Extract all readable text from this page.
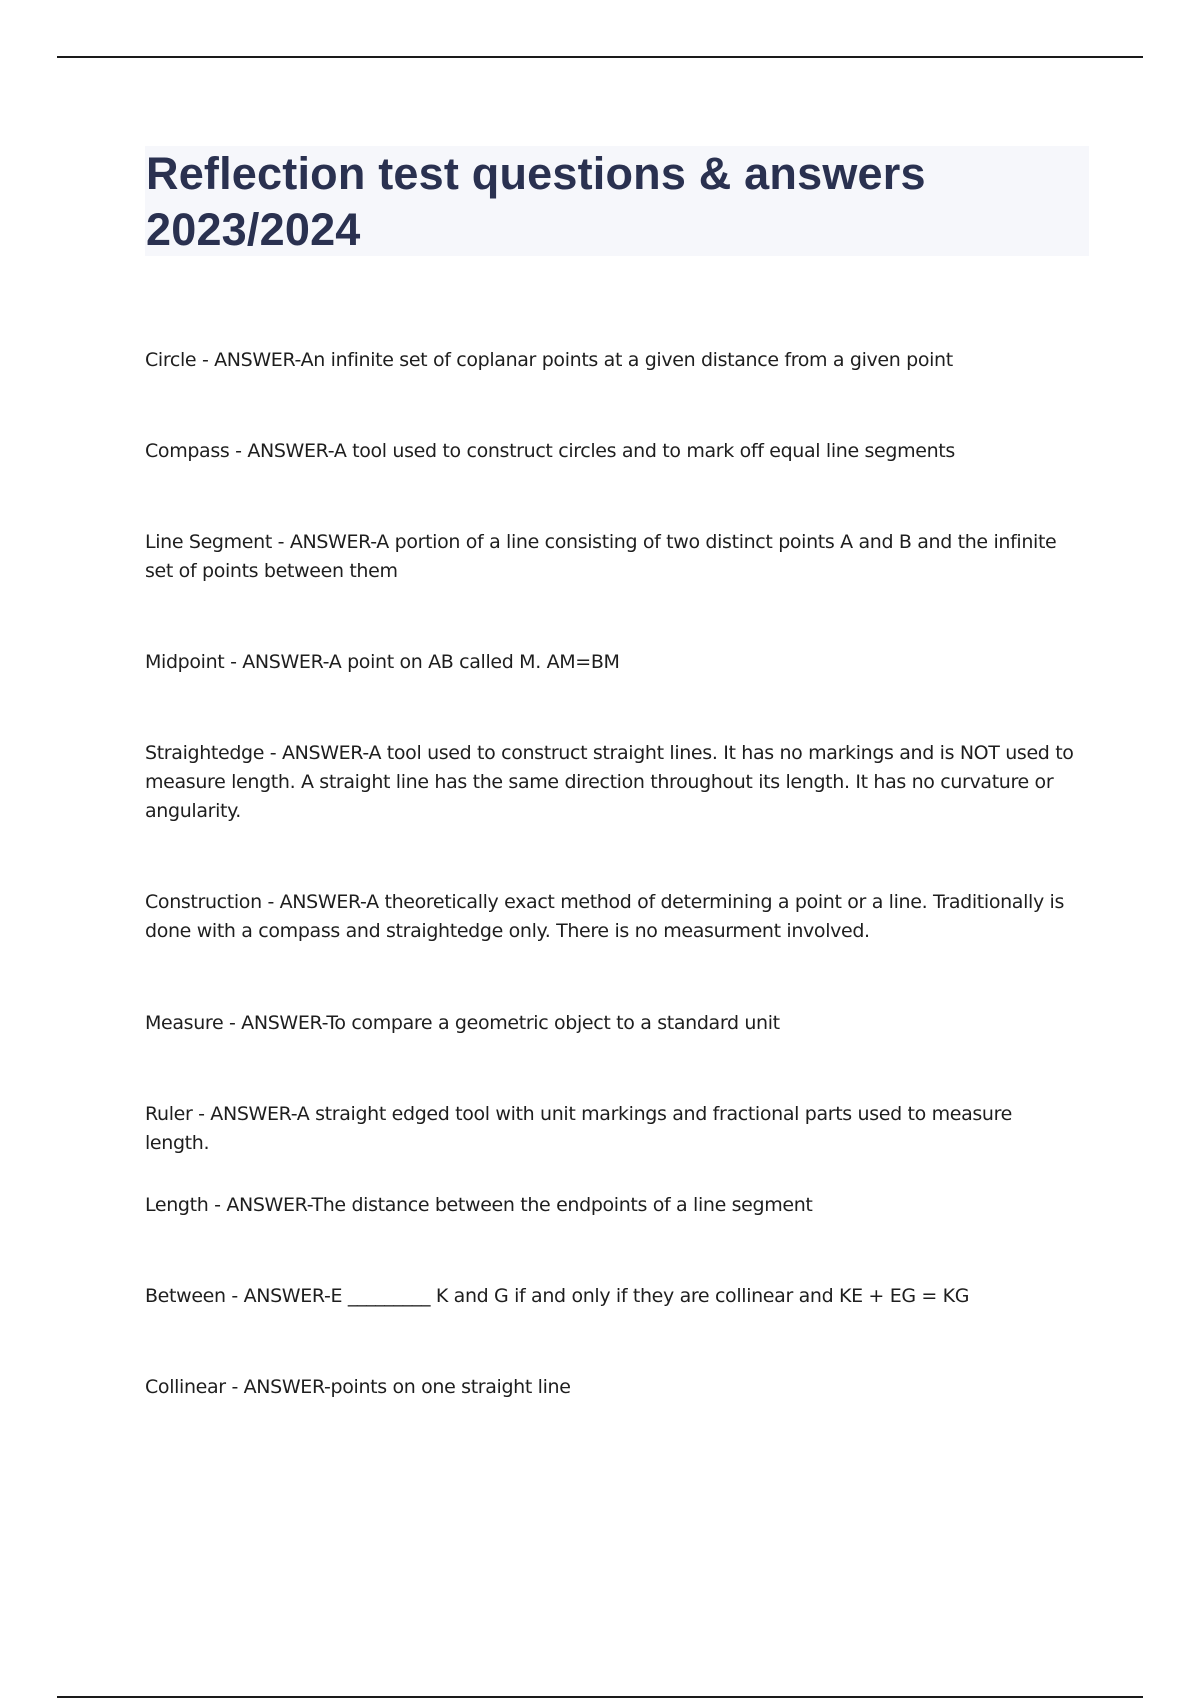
Reflection test questions & answers
2023/2024

Circle - ANSWER-An infinite set of coplanar points at a given distance from a given point

Compass - ANSWER-A tool used to construct circles and to mark off equal line segments

Line Segment - ANSWER-A portion of a line consisting of two distinct points A and B and the infinite set of points between them

Midpoint - ANSWER-A point on AB called M. AM=BM

Straightedge - ANSWER-A tool used to construct straight lines. It has no markings and is NOT used to measure length. A straight line has the same direction throughout its length. It has no curvature or angularity.

Construction - ANSWER-A theoretically exact method of determining a point or a line. Traditionally is done with a compass and straightedge only. There is no measurment involved.

Measure - ANSWER-To compare a geometric object to a standard unit

Ruler - ANSWER-A straight edged tool with unit markings and fractional parts used to measure length.

Length - ANSWER-The distance between the endpoints of a line segment

Between - ANSWER-E _________ K and G if and only if they are collinear and KE + EG = KG

Collinear - ANSWER-points on one straight line
